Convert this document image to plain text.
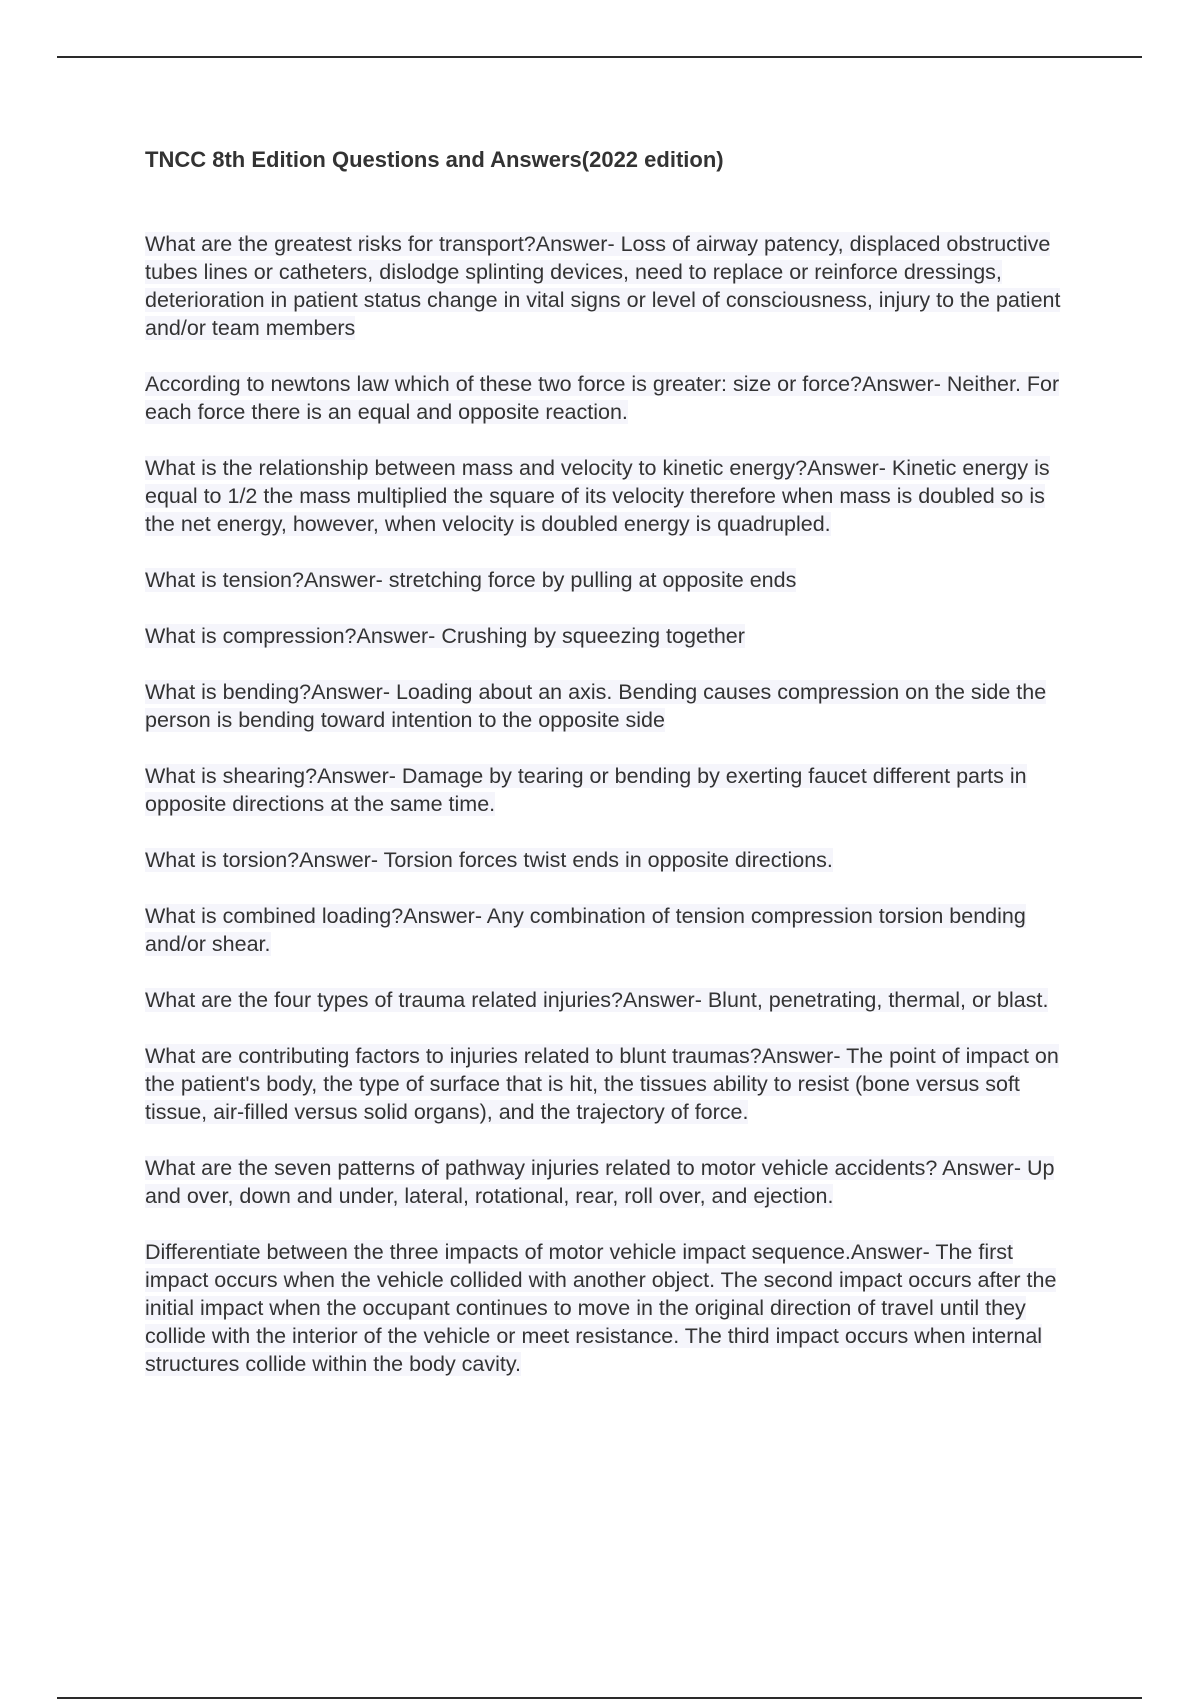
TNCC 8th Edition Questions and Answers(2022 edition)

What are the greatest risks for transport?Answer- Loss of airway patency, displaced obstructive tubes lines or catheters, dislodge splinting devices, need to replace or reinforce dressings, deterioration in patient status change in vital signs or level of consciousness, injury to the patient and/or team members

According to newtons law which of these two force is greater: size or force?Answer- Neither. For each force there is an equal and opposite reaction.

What is the relationship between mass and velocity to kinetic energy?Answer- Kinetic energy is equal to 1/2 the mass multiplied the square of its velocity therefore when mass is doubled so is the net energy, however, when velocity is doubled energy is quadrupled.

What is tension?Answer- stretching force by pulling at opposite ends

What is compression?Answer- Crushing by squeezing together

What is bending?Answer- Loading about an axis. Bending causes compression on the side the person is bending toward intention to the opposite side

What is shearing?Answer- Damage by tearing or bending by exerting faucet different parts in opposite directions at the same time.

What is torsion?Answer- Torsion forces twist ends in opposite directions.

What is combined loading?Answer- Any combination of tension compression torsion bending and/or shear.

What are the four types of trauma related injuries?Answer- Blunt, penetrating, thermal, or blast.

What are contributing factors to injuries related to blunt traumas?Answer- The point of impact on the patient's body, the type of surface that is hit, the tissues ability to resist (bone versus soft tissue, air-filled versus solid organs), and the trajectory of force.

What are the seven patterns of pathway injuries related to motor vehicle accidents? Answer- Up and over, down and under, lateral, rotational, rear, roll over, and ejection.

Differentiate between the three impacts of motor vehicle impact sequence.Answer- The first impact occurs when the vehicle collided with another object. The second impact occurs after the initial impact when the occupant continues to move in the original direction of travel until they collide with the interior of the vehicle or meet resistance. The third impact occurs when internal structures collide within the body cavity.
